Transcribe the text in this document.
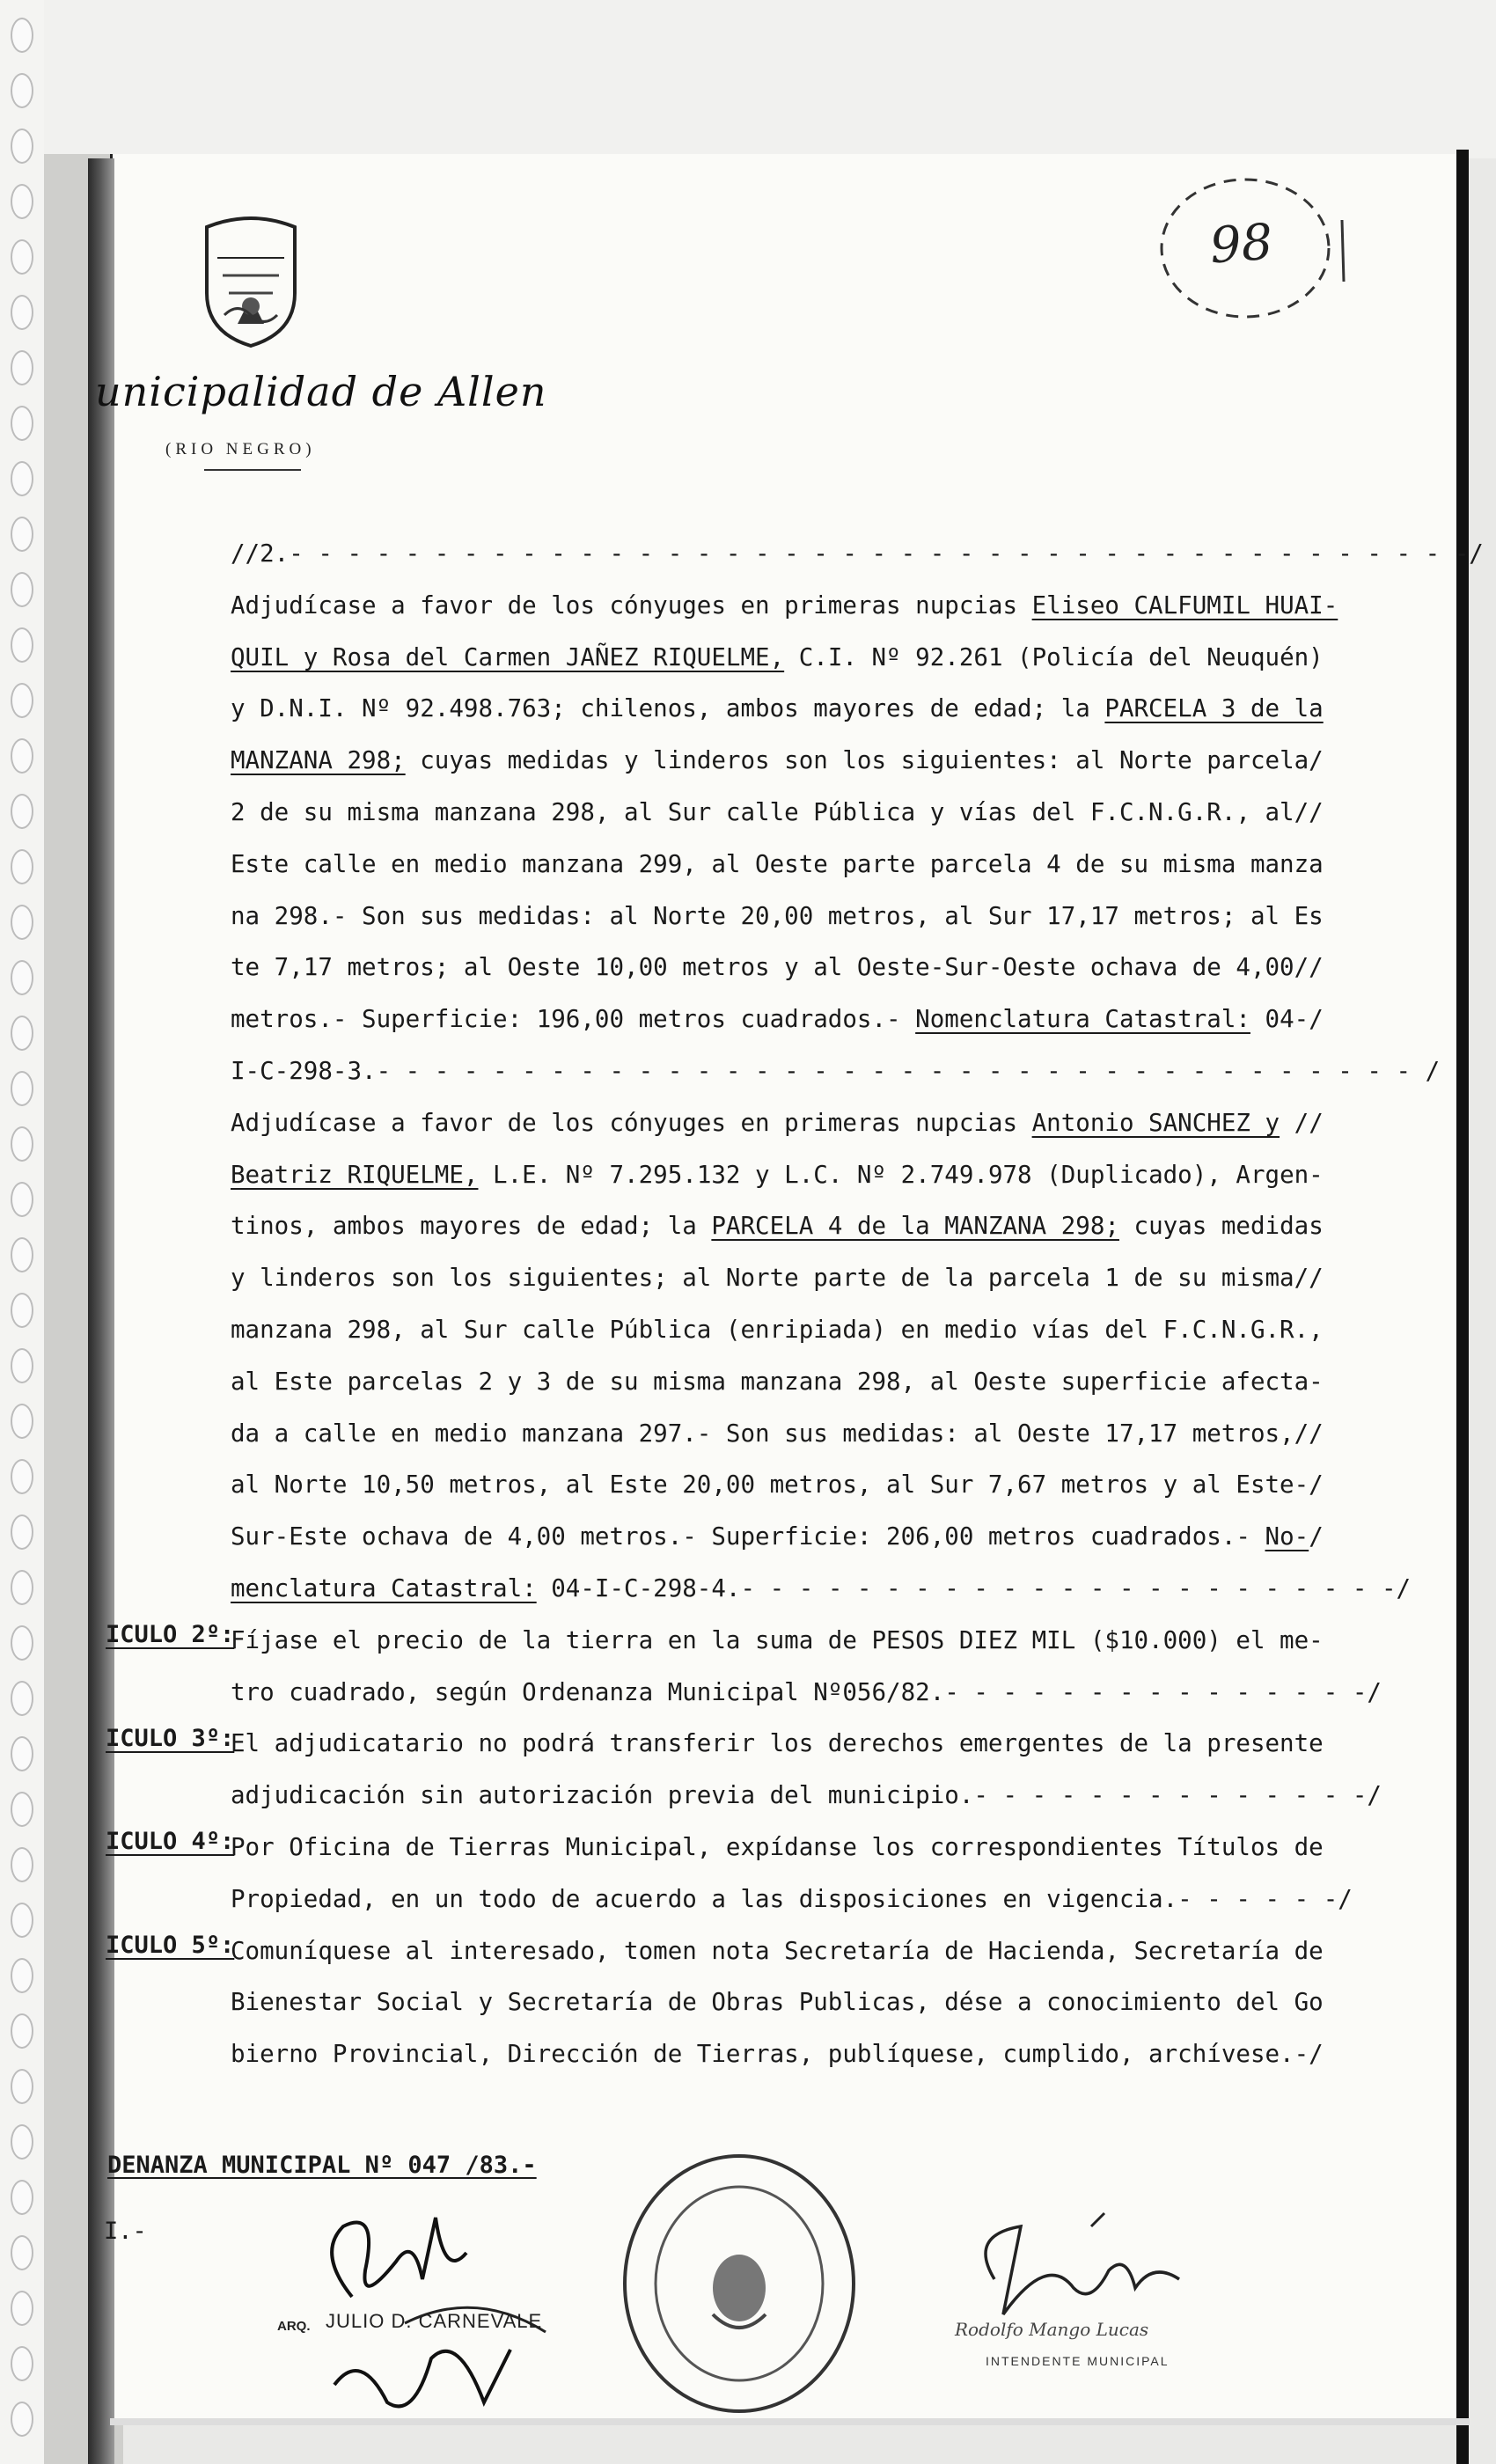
unicipalidad de Allen
(RIO NEGRO)
98
//2.- - - - - - - - - - - - - - - - - - - - - - - - - - - - - - - - - - - - - - - - -/
Adjudícase a favor de los cónyuges en primeras nupcias Eliseo CALFUMIL HUAI-
QUIL y Rosa del Carmen JAÑEZ RIQUELME, C.I. Nº 92.261 (Policía del Neuquén)
y D.N.I. Nº 92.498.763; chilenos, ambos mayores de edad; la PARCELA 3 de la
MANZANA 298; cuyas medidas y linderos son los siguientes: al Norte parcela/
2 de su misma manzana 298, al Sur calle Pública y vías del F.C.N.G.R., al//
Este calle en medio manzana 299, al Oeste parte parcela 4 de su misma manza
na 298.- Son sus medidas: al Norte 20,00 metros, al Sur 17,17 metros; al Es
te 7,17 metros; al Oeste 10,00 metros y al Oeste-Sur-Oeste ochava de 4,00//
metros.- Superficie: 196,00 metros cuadrados.- Nomenclatura Catastral: 04-/
I-C-298-3.- - - - - - - - - - - - - - - - - - - - - - - - - - - - - - - - - - - - /
Adjudícase a favor de los cónyuges en primeras nupcias Antonio SANCHEZ y //
Beatriz RIQUELME, L.E. Nº 7.295.132 y L.C. Nº 2.749.978 (Duplicado), Argen-
tinos, ambos mayores de edad; la PARCELA 4 de la MANZANA 298; cuyas medidas
y linderos son los siguientes; al Norte parte de la parcela 1 de su misma//
manzana 298, al Sur calle Pública (enripiada) en medio vías del F.C.N.G.R.,
al Este parcelas 2 y 3 de su misma manzana 298, al Oeste superficie afecta-
da a calle en medio manzana 297.- Son sus medidas: al Oeste 17,17 metros,//
al Norte 10,50 metros, al Este 20,00 metros, al Sur 7,67 metros y al Este-/
Sur-Este ochava de 4,00 metros.- Superficie: 206,00 metros cuadrados.- No-/
menclatura Catastral: 04-I-C-298-4.- - - - - - - - - - - - - - - - - - - - - - -/
Fíjase el precio de la tierra en la suma de PESOS DIEZ MIL ($10.000) el me-
tro cuadrado, según Ordenanza Municipal Nº056/82.- - - - - - - - - - - - - - -/
El adjudicatario no podrá transferir los derechos emergentes de la presente
adjudicación sin autorización previa del municipio.- - - - - - - - - - - - - -/
Por Oficina de Tierras Municipal, expídanse los correspondientes Títulos de
Propiedad, en un todo de acuerdo a las disposiciones en vigencia.- - - - - -/
Comuníquese al interesado, tomen nota Secretaría de Hacienda, Secretaría de
Bienestar Social y Secretaría de Obras Publicas, dése a conocimiento del Go
bierno Provincial, Dirección de Tierras, publíquese, cumplido, archívese.-/
ICULO 2º:
ICULO 3º:
ICULO 4º:
ICULO 5º:
DENANZA MUNICIPAL Nº 047 /83.-
I.-
ARQ. JULIO D. CARNEVALE	Rodolfo Mango Lucas
INTENDENTE MUNICIPAL
